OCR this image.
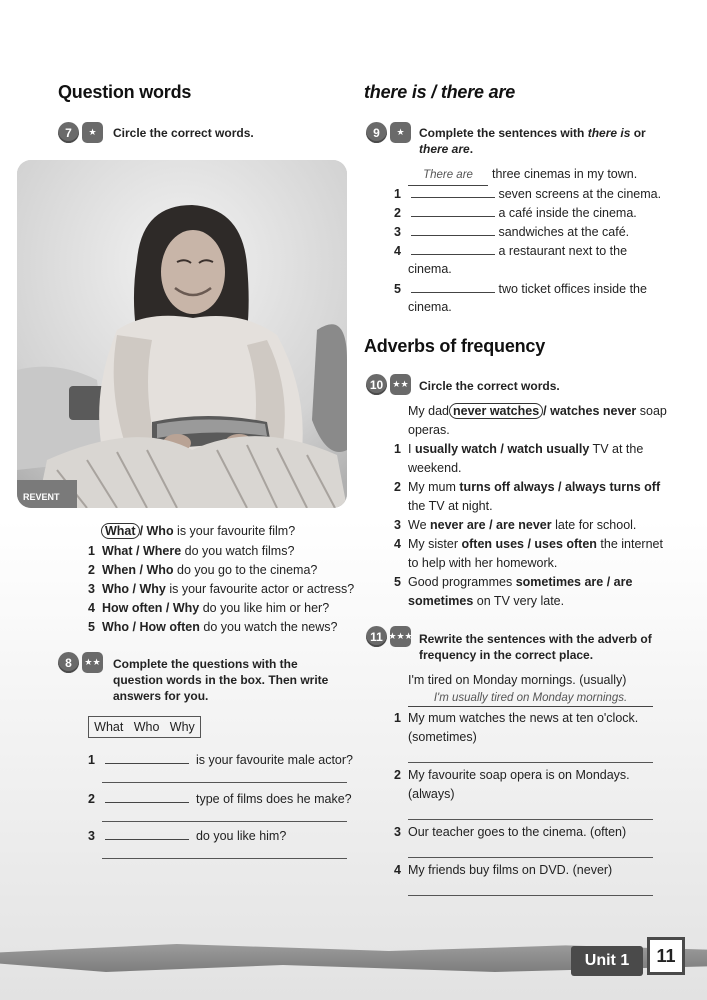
Question words
7	★	Circle the correct words.
REVENT
What / Who is your favourite film?
1 What / Where do you watch films?
2 When / Who do you go to the cinema?
3 Who / Why is your favourite actor or actress?
4 How often / Why do you like him or her?
5 Who / How often do you watch the news?
8	★★ Complete the questions with the
question words in the box. Then write
answers for you.
What Who Why
1	is your favourite male actor?
2	type of films does he make?
3	do you like him?
there is / there are
9	★	Complete the sentences with there is or
there are.
There are three cinemas in my town.
1	seven screens at the cinema.
2	a café inside the cinema.
3	sandwiches at the café.
4	a restaurant next to the
cinema.
5	two ticket offices inside the
cinema.
Adverbs of frequency
10	★★ Circle the correct words.
My dad never watches / watches never soap
operas.
1 I usually watch / watch usually TV at the
weekend.
2 My mum turns off always / always turns off
the TV at night.
3 We never are / are never late for school.
4 My sister often uses / uses often the internet
to help with her homework.
5 Good programmes sometimes are / are
sometimes on TV very late.
11 ★★★ Rewrite the sentences with the adverb of
frequency in the correct place.
I'm tired on Monday mornings. (usually)
I'm usually tired on Monday mornings.
1 My mum watches the news at ten o'clock.
(sometimes)
2 My favourite soap opera is on Mondays.
(always)
3 Our teacher goes to the cinema. (often)
4 My friends buy films on DVD. (never)
Unit 1	11
